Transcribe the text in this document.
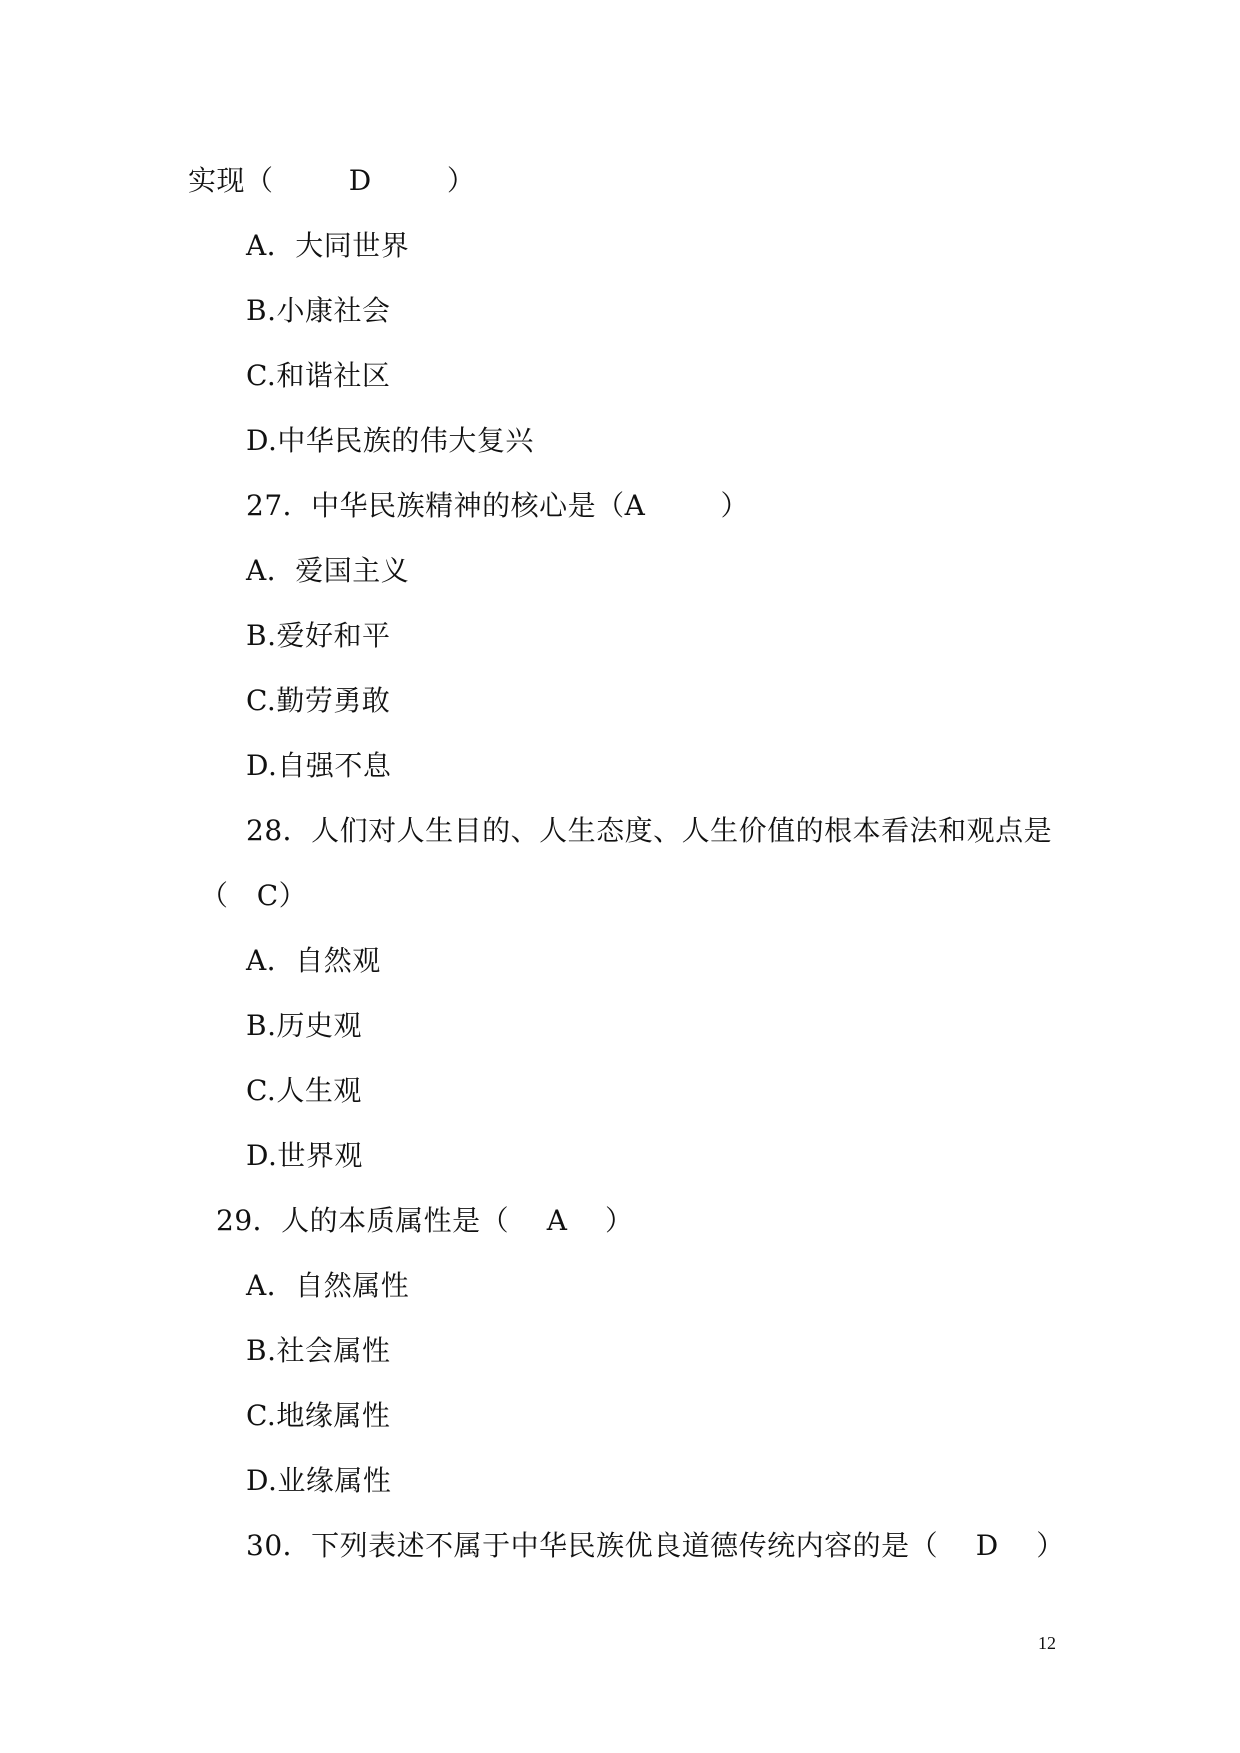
实现（        D        ）
A．大同世界
B.小康社会
C.和谐社区
D.中华民族的伟大复兴
27．中华民族精神的核心是（A        ）
A．爱国主义
B.爱好和平
C.勤劳勇敢
D.自强不息
28．人们对人生目的、人生态度、人生价值的根本看法和观点是
（   C）
A．自然观
B.历史观
C.人生观
D.世界观
29．人的本质属性是（    A    ）
A．自然属性
B.社会属性
C.地缘属性
D.业缘属性
30．下列表述不属于中华民族优良道德传统内容的是（    D    ）
12
